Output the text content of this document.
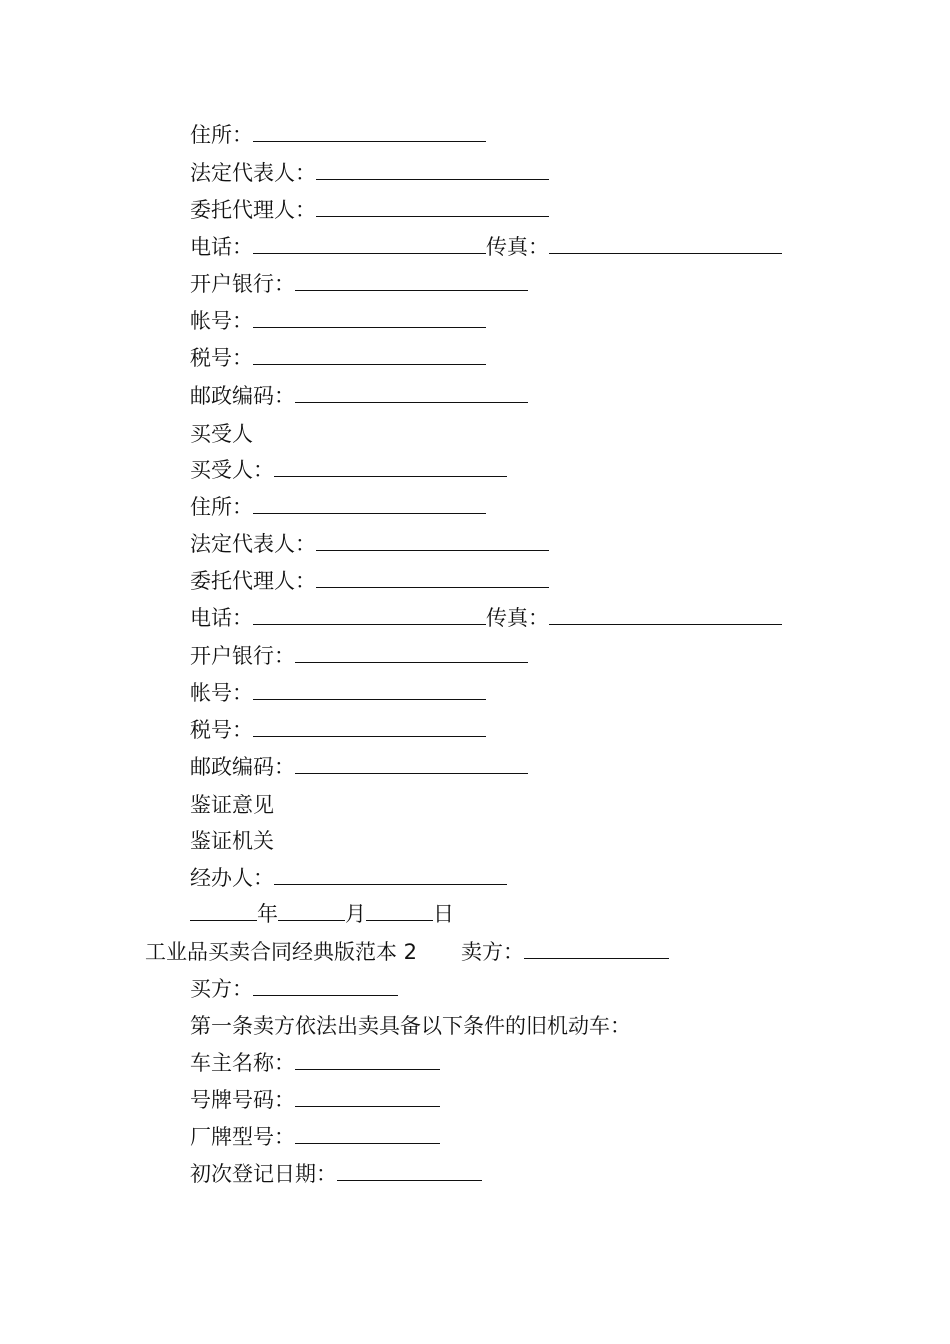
住所：
法定代表人：
委托代理人：
电话：	传真：
开户银行：
帐号：
税号：
邮政编码：
买受人
买受人：
住所：
法定代表人：
委托代理人：
电话：	传真：
开户银行：
帐号：
税号：
邮政编码：
鉴证意见
鉴证机关
经办人：
年	月	日
工业品买卖合同经典版范本 2 卖方：
买方：
第一条卖方依法出卖具备以下条件的旧机动车：
车主名称：
号牌号码：
厂牌型号：
初次登记日期：
